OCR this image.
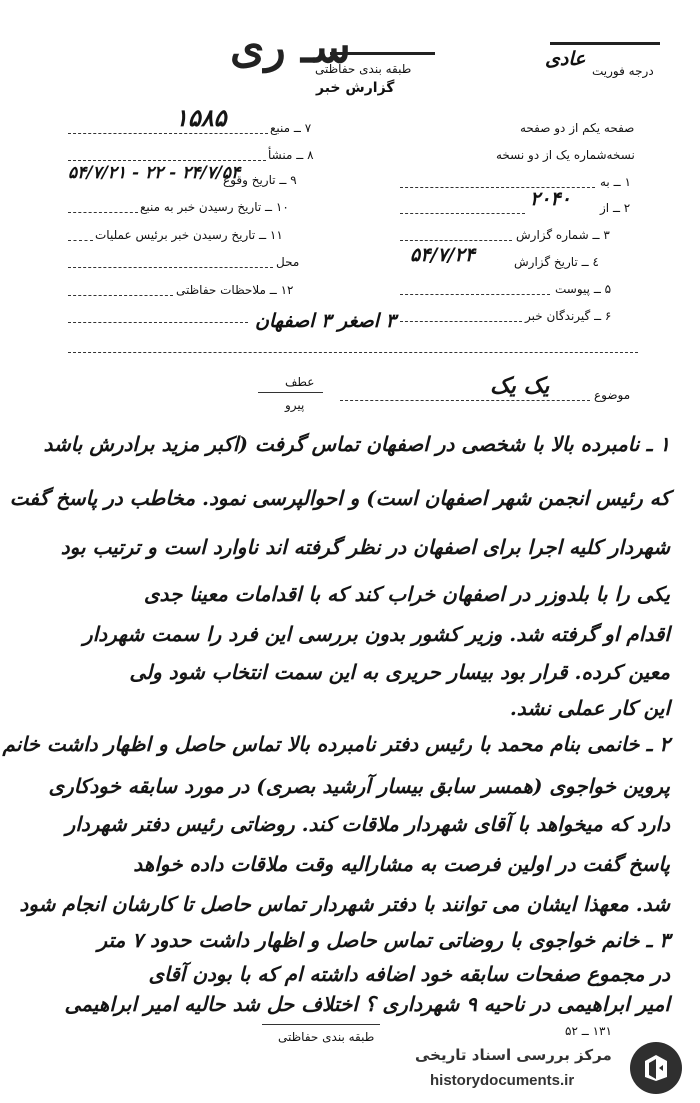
سـ ری
طبقه بندی حفاظتی
گزارش خبر
درجه فوریت
عادی
۱۵۸۵	۷ ــ منبع
۸ ــ منشأ
۹ ــ تاریخ وقوع
۵۴/۷/۲۱ - ۲۲ - ۲۴/۷/۵۴
۱۰ ــ تاریخ رسیدن خبر به منبع
۱۱ ــ تاریخ رسیدن خبر برئیس عملیات
محل
۱۲ ــ ملاحظات حفاظتی
۳ اصغر ۳ اصفهان
صفحه یکم از دو صفحه
نسخه‌شماره یک از دو نسخه
۱ ــ به
۲ ــ از
۲۰۴۰
۳ ــ شماره گزارش
٤ ــ تاریخ گزارش
۵۴/۷/۲۴
۵ ــ پیوست
۶ ــ گیرندگان خبر
عطف
پیرو
موضوع
یک یک
۱ ـ نامبرده بالا با شخصی در اصفهان تماس گرفت (اکبر مزید برادرش باشد
که رئیس انجمن شهر اصفهان است) و احوالپرسی نمود. مخاطب در پاسخ گفت
شهردار کلیه اجرا برای اصفهان در نظر گرفته اند ناوارد است و ترتیب بود
یکی را با بلدوزر در اصفهان خراب کند که با اقدامات معینا جدی
اقدام او گرفته شد. وزیر کشور بدون بررسی این فرد را سمت شهردار
معین کرده. قرار بود بیسار حریری به این سمت انتخاب شود ولی
این کار عملی نشد.
۲ ـ خانمی بنام محمد با رئیس دفتر نامبرده بالا تماس حاصل و اظهار داشت خانم
پروین خواجوی (همسر سابق بیسار آرشید بصری) در مورد سابقه خودکاری
دارد که میخواهد با آقای شهردار ملاقات کند. روضاتی رئیس دفتر شهردار
پاسخ گفت در اولین فرصت به مشارالیه وقت ملاقات داده خواهد
شد. معهذا ایشان می توانند با دفتر شهردار تماس حاصل تا کارشان انجام شود
۳ ـ خانم خواجوی با روضاتی تماس حاصل و اظهار داشت حدود ۷ متر
در مجموع صفحات سابقه خود اضافه داشته ام که با بودن آقای
امیر ابراهیمی در ناحیه ۹ شهرداری ؟ اختلاف حل شد حالیه امیر ابراهیمی
۱۳۱ ــ ۵۲
طبقه بندی حفاظتی
مرکز بررسی اسناد تاریخی
historydocuments.ir
